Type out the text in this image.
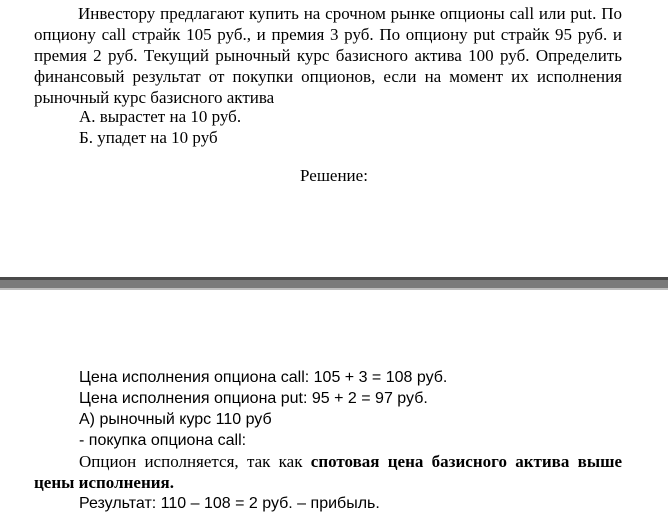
Инвестору предлагают купить на срочном рынке опционы call или put. По опциону call страйк 105 руб., и премия 3 руб. По опциону put страйк 95 руб. и премия 2 руб. Текущий рыночный курс базисного актива 100 руб. Определить финансовый результат от покупки опционов, если на момент их исполнения рыночный курс базисного актива

А. вырастет на 10 руб.

Б. упадет на 10 руб

Решение:

Цена исполнения опциона call: 105 + 3 = 108 руб.
Цена исполнения опциона put: 95 + 2 = 97 руб.
А) рыночный курс 110 руб
- покупка опциона call:
Опцион исполняется, так как спотовая цена базисного актива выше цены исполнения.
Результат: 110 – 108 = 2 руб. – прибыль.
